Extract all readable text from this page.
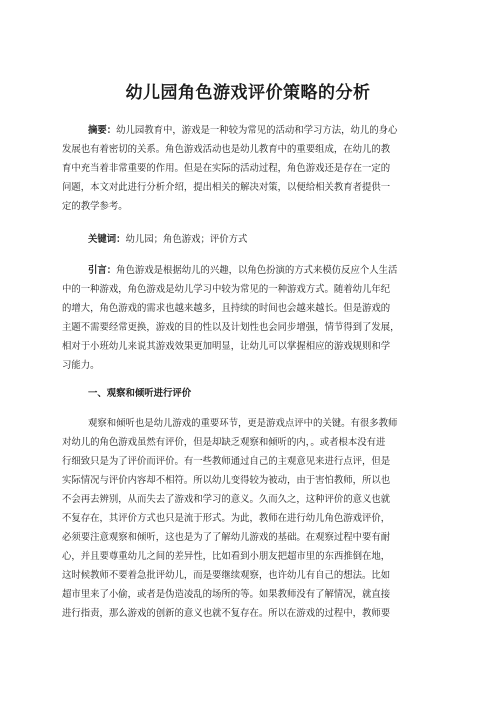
幼儿园角色游戏评价策略的分析
摘要：幼儿园教育中，游戏是一种较为常见的活动和学习方法，幼儿的身心
发展也有着密切的关系。角色游戏活动也是幼儿教育中的重要组成，在幼儿的教
育中充当着非常重要的作用。但是在实际的活动过程，角色游戏还是存在一定的
问题，本文对此进行分析介绍，提出相关的解决对策，以便给相关教育者提供一
定的教学参考。
关键词：幼儿园；角色游戏；评价方式
引言：角色游戏是根据幼儿的兴趣，以角色扮演的方式来模仿反应个人生活
中的一种游戏，角色游戏是幼儿学习中较为常见的一种游戏方式。随着幼儿年纪
的增大，角色游戏的需求也越来越多，且持续的时间也会越来越长。但是游戏的
主题不需要经常更换，游戏的目的性以及计划性也会同步增强，情节得到了发展，
相对于小班幼儿来说其游戏效果更加明显，让幼儿可以掌握相应的游戏规则和学
习能力。
一、观察和倾听进行评价
观察和倾听也是幼儿游戏的重要环节，更是游戏点评中的关键。有很多教师
对幼儿的角色游戏虽然有评价，但是却缺乏观察和倾听的内，。或者根本没有进
行细致只是为了评价而评价。有一些教师通过自己的主观意见来进行点评，但是
实际情况与评价内容却不相符。所以幼儿变得较为被动，由于害怕教师，所以也
不会再去辨别，从而失去了游戏和学习的意义。久而久之，这种评价的意义也就
不复存在，其评价方式也只是流于形式。为此，教师在进行幼儿角色游戏评价，
必须要注意观察和倾听，这也是为了了解幼儿游戏的基础。在观察过程中要有耐
心，并且要尊重幼儿之间的差异性，比如看到小朋友把超市里的东西推倒在地，
这时候教师不要着急批评幼儿，而是要继续观察，也许幼儿有自己的想法。比如
超市里来了小偷，或者是伪造凌乱的场所的等。如果教师没有了解情况，就直接
进行指责，那么游戏的创新的意义也就不复存在。所以在游戏的过程中，教师要
